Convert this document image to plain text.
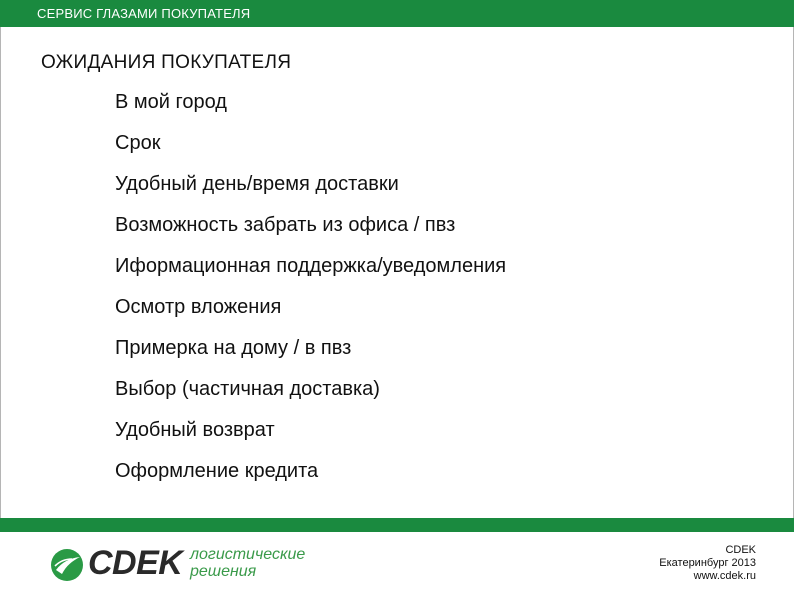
СЕРВИС ГЛАЗАМИ ПОКУПАТЕЛЯ
ОЖИДАНИЯ ПОКУПАТЕЛЯ
В мой город
Срок
Удобный день/время доставки
Возможность забрать из офиса / пвз
Иформационная поддержка/уведомления
Осмотр вложения
Примерка на дому / в пвз
Выбор (частичная доставка)
Удобный возврат
Оформление кредита
CDEK логистические
решения
CDEK
Екатеринбург 2013
www.cdek.ru
